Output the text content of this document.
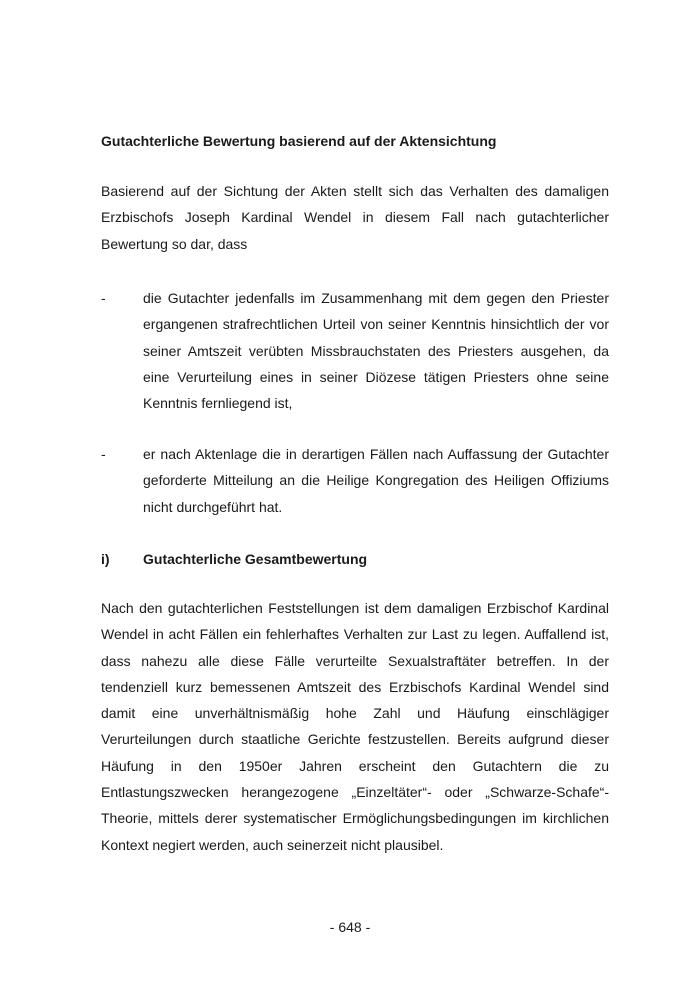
Gutachterliche Bewertung basierend auf der Aktensichtung

Basierend auf der Sichtung der Akten stellt sich das Verhalten des damaligen Erzbischofs Joseph Kardinal Wendel in diesem Fall nach gutachterlicher Bewertung so dar, dass

-	die Gutachter jedenfalls im Zusammenhang mit dem gegen den Priester ergangenen strafrechtlichen Urteil von seiner Kenntnis hinsichtlich der vor seiner Amtszeit verübten Missbrauchstaten des Priesters ausgehen, da eine Verurteilung eines in seiner Diözese tätigen Priesters ohne seine Kenntnis fernliegend ist,

-	er nach Aktenlage die in derartigen Fällen nach Auffassung der Gutachter geforderte Mitteilung an die Heilige Kongregation des Heiligen Offiziums nicht durchgeführt hat.

i) Gutachterliche Gesamtbewertung

Nach den gutachterlichen Feststellungen ist dem damaligen Erzbischof Kardinal Wendel in acht Fällen ein fehlerhaftes Verhalten zur Last zu legen. Auffallend ist, dass nahezu alle diese Fälle verurteilte Sexualstraftäter betreffen. In der tendenziell kurz bemessenen Amtszeit des Erzbischofs Kardinal Wendel sind damit eine unverhältnismäßig hohe Zahl und Häufung einschlägiger Verurteilungen durch staatliche Gerichte festzustellen. Bereits aufgrund dieser Häufung in den 1950er Jahren erscheint den Gutachtern die zu Entlastungszwecken herangezogene „Einzeltäter“- oder „Schwarze-Schafe“-Theorie, mittels derer systematischer Ermöglichungsbedingungen im kirchlichen Kontext negiert werden, auch seinerzeit nicht plausibel.

- 648 -
